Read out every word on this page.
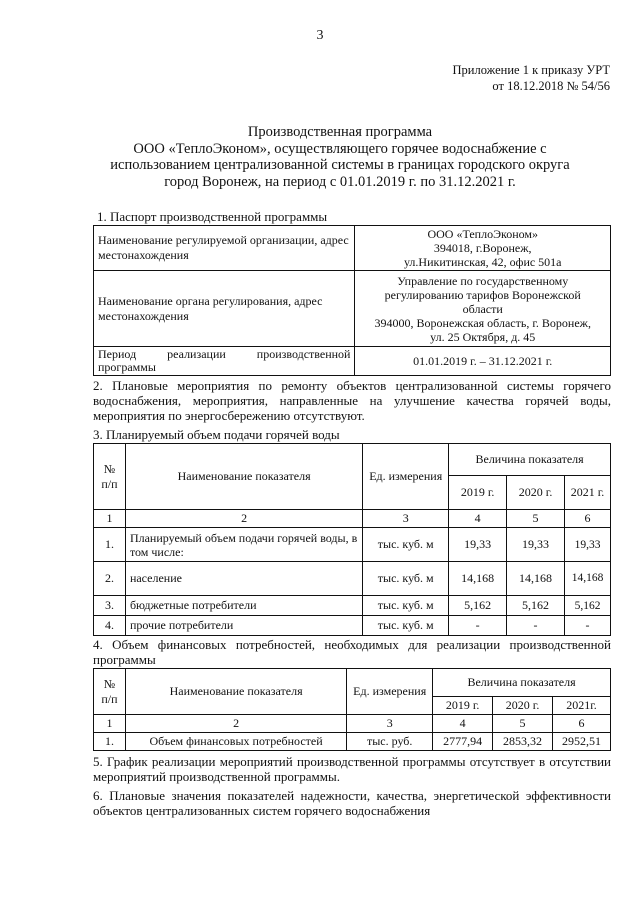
3
Приложение 1 к приказу УРТ
от 18.12.2018 № 54/56
Производственная программа
ООО «ТеплоЭконом», осуществляющего горячее водоснабжение с
использованием централизованной системы в границах городского округа
город Воронеж, на период с 01.01.2019 г. по 31.12.2021 г.
1. Паспорт производственной программы
Наименование регулируемой организации, адрес местонахождения	ООО «ТеплоЭконом»
394018, г.Воронеж,
ул.Никитинская, 42, офис 501а

Наименование органа регулирования, адрес местонахождения	Управление по государственному
регулированию тарифов Воронежской
области
394000, Воронежская область, г. Воронеж,
ул. 25 Октября, д. 45

Период реализации производственной программы	01.01.2019 г. – 31.12.2021 г.
2. Плановые мероприятия по ремонту объектов централизованной системы горячего водоснабжения, мероприятия, направленные на улучшение качества горячей воды, мероприятия по энергосбережению отсутствуют.
3. Планируемый объем подачи горячей воды
№ п/п	Наименование показателя	Ед. измерения	Величина показателя		
			2019 г.	2020 г.	2021 г.
1	2	3	4	5	6
1.	Планируемый объем подачи горячей воды, в том числе:	тыс. куб. м	19,33	19,33	19,33
2.	население	тыс. куб. м	14,168	14,168	14,168
3.	бюджетные потребители	тыс. куб. м	5,162	5,162	5,162
4.	прочие потребители	тыс. куб. м	-	-	-
4. Объем финансовых потребностей, необходимых для реализации производственной программы
№ п/п	Наименование показателя	Ед. измерения	Величина показателя		
			2019 г.	2020 г.	2021г.
1	2	3	4	5	6
1.	Объем финансовых потребностей	тыс. руб.	2777,94	2853,32	2952,51
5. График реализации мероприятий производственной программы отсутствует в отсутствии мероприятий производственной программы.
6. Плановые значения показателей надежности, качества, энергетической эффективности объектов централизованных систем горячего водоснабжения
